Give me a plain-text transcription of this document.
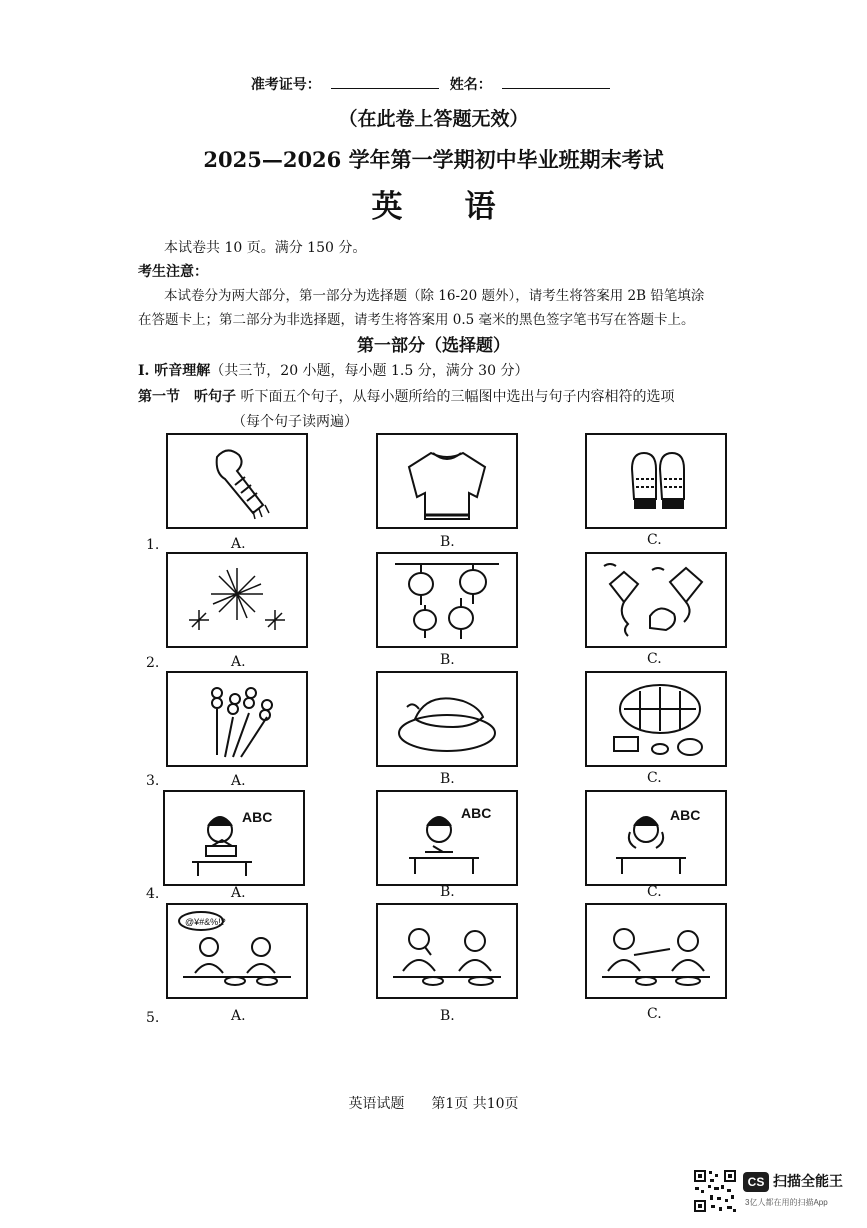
准考证号：	姓名：
（在此卷上答题无效）
2025—2026 学年第一学期初中毕业班期末考试
英　　语
本试卷共 10 页。满分 150 分。
考生注意：
本试卷分为两大部分，第一部分为选择题（除 16-20 题外），请考生将答案用 2B 铅笔填涂
在答题卡上；第二部分为非选择题，请考生将答案用 0.5 毫米的黑色签字笔书写在答题卡上。
第一部分（选择题）
I. 听音理解（共三节，20 小题，每小题 1.5 分，满分 30 分）
第一节　听句子 听下面五个句子，从每小题所给的三幅图中选出与句子内容相符的选项
（每个句子读两遍）
1.	A.	B.	C.
2.	A.	B.	C.
3.	A.	B.	C.
4.
ABC
A.
ABC
B.
ABC
C.
5.
@¥#&%!?
A.	B.	C.
英语试题 第1页 共10页
CS 扫描全能王
3亿人都在用的扫描App
